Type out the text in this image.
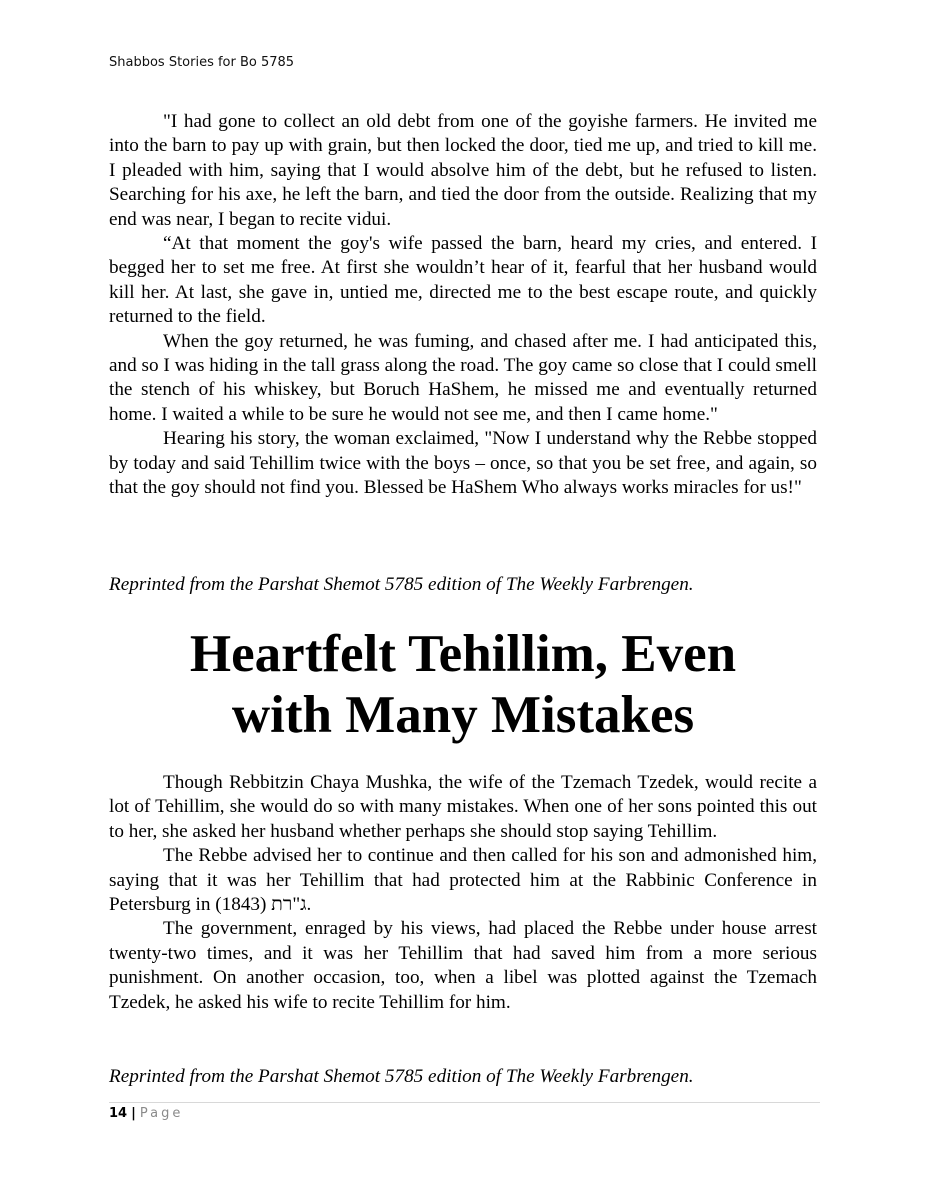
Shabbos Stories for Bo 5785

"I had gone to collect an old debt from one of the goyishe farmers. He invited me into the barn to pay up with grain, but then locked the door, tied me up, and tried to kill me. I pleaded with him, saying that I would absolve him of the debt, but he refused to listen. Searching for his axe, he left the barn, and tied the door from the outside. Realizing that my end was near, I began to recite vidui.

“At that moment the goy's wife passed the barn, heard my cries, and entered. I begged her to set me free. At first she wouldn’t hear of it, fearful that her husband would kill her. At last, she gave in, untied me, directed me to the best escape route, and quickly returned to the field.

When the goy returned, he was fuming, and chased after me. I had anticipated this, and so I was hiding in the tall grass along the road. The goy came so close that I could smell the stench of his whiskey, but Boruch HaShem, he missed me and eventually returned home. I waited a while to be sure he would not see me, and then I came home."

Hearing his story, the woman exclaimed, "Now I understand why the Rebbe stopped by today and said Tehillim twice with the boys – once, so that you be set free, and again, so that the goy should not find you. Blessed be HaShem Who always works miracles for us!"

Reprinted from the Parshat Shemot 5785 edition of The Weekly Farbrengen.
Heartfelt Tehillim, Even
with Many Mistakes

Though Rebbitzin Chaya Mushka, the wife of the Tzemach Tzedek, would recite a lot of Tehillim, she would do so with many mistakes. When one of her sons pointed this out to her, she asked her husband whether perhaps she should stop saying Tehillim.

The Rebbe advised her to continue and then called for his son and admonished him, saying that it was her Tehillim that had protected him at the Rabbinic Conference in Petersburg in ג"רת (1843).

The government, enraged by his views, had placed the Rebbe under house arrest twenty-two times, and it was her Tehillim that had saved him from a more serious punishment. On another occasion, too, when a libel was plotted against the Tzemach Tzedek, he asked his wife to recite Tehillim for him.

Reprinted from the Parshat Shemot 5785 edition of The Weekly Farbrengen.
14 | Page
